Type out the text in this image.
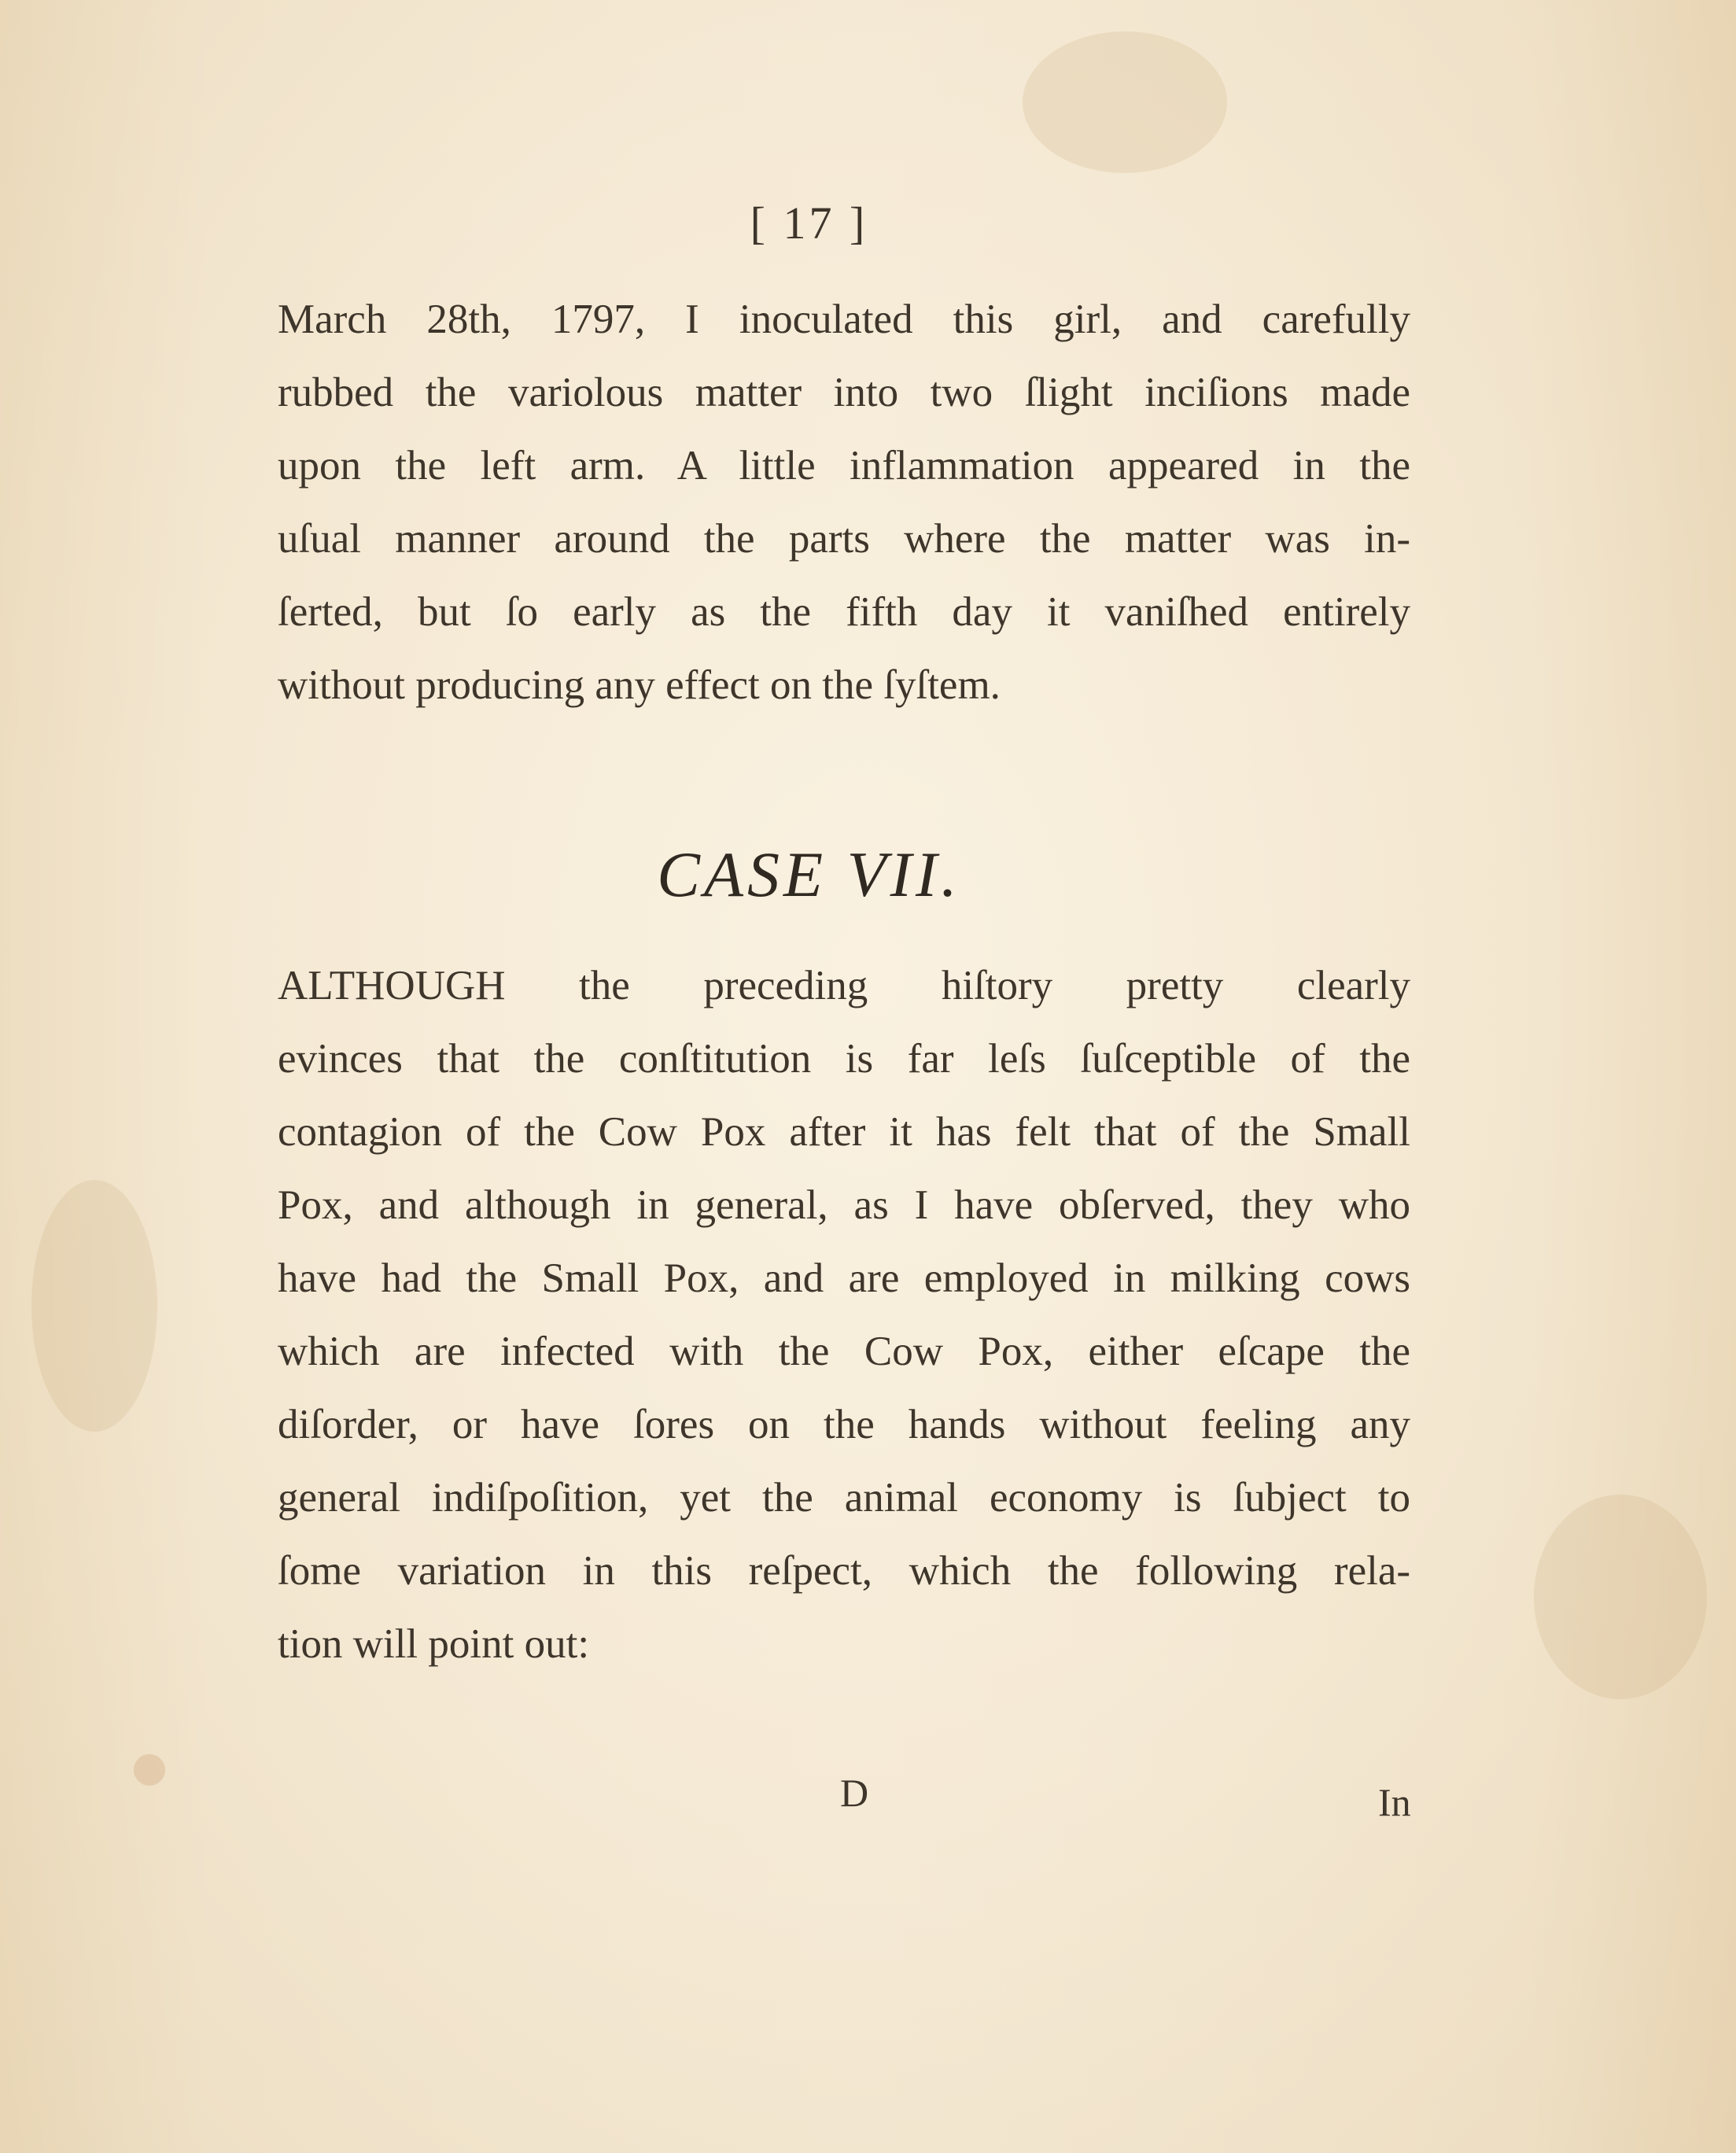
[ 17 ]
March 28th, 1797, I inoculated this girl, and carefully
rubbed the variolous matter into two ſlight inciſions made
upon the left arm. A little inflammation appeared in the
uſual manner around the parts where the matter was in-
ſerted, but ſo early as the fifth day it vaniſhed entirely
without producing any effect on the ſyſtem.
CASE VII.
ALTHOUGH the preceding hiſtory pretty clearly
evinces that the conſtitution is far leſs ſuſceptible of the
contagion of the Cow Pox after it has felt that of the Small
Pox, and although in general, as I have obſerved, they who
have had the Small Pox, and are employed in milking cows
which are infected with the Cow Pox, either eſcape the
diſorder, or have ſores on the hands without feeling any
general indiſpoſition, yet the animal economy is ſubject to
ſome variation in this reſpect, which the following rela-
tion will point out:
D	In
